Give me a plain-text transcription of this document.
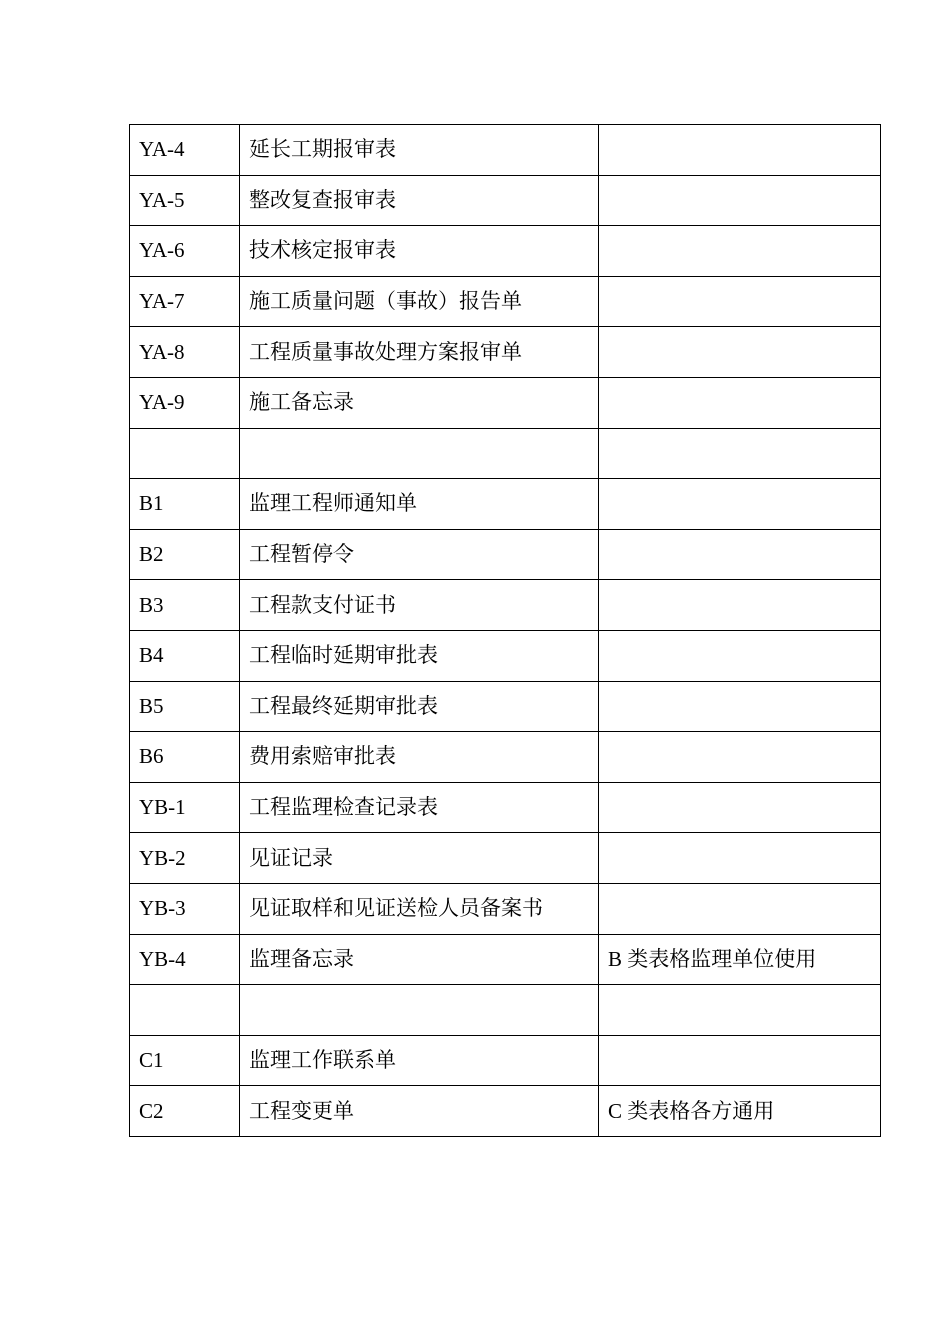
YA-4	延长工期报审表	
YA-5	整改复查报审表	
YA-6	技术核定报审表	
YA-7	施工质量问题（事故）报告单	
YA-8	工程质量事故处理方案报审单	
YA-9	施工备忘录	

B1	监理工程师通知单	
B2	工程暂停令	
B3	工程款支付证书	
B4	工程临时延期审批表	
B5	工程最终延期审批表	
B6	费用索赔审批表	
YB-1	工程监理检查记录表	
YB-2	见证记录	
YB-3	见证取样和见证送检人员备案书	
YB-4	监理备忘录	B 类表格监理单位使用

C1	监理工作联系单	
C2	工程变更单	C 类表格各方通用
